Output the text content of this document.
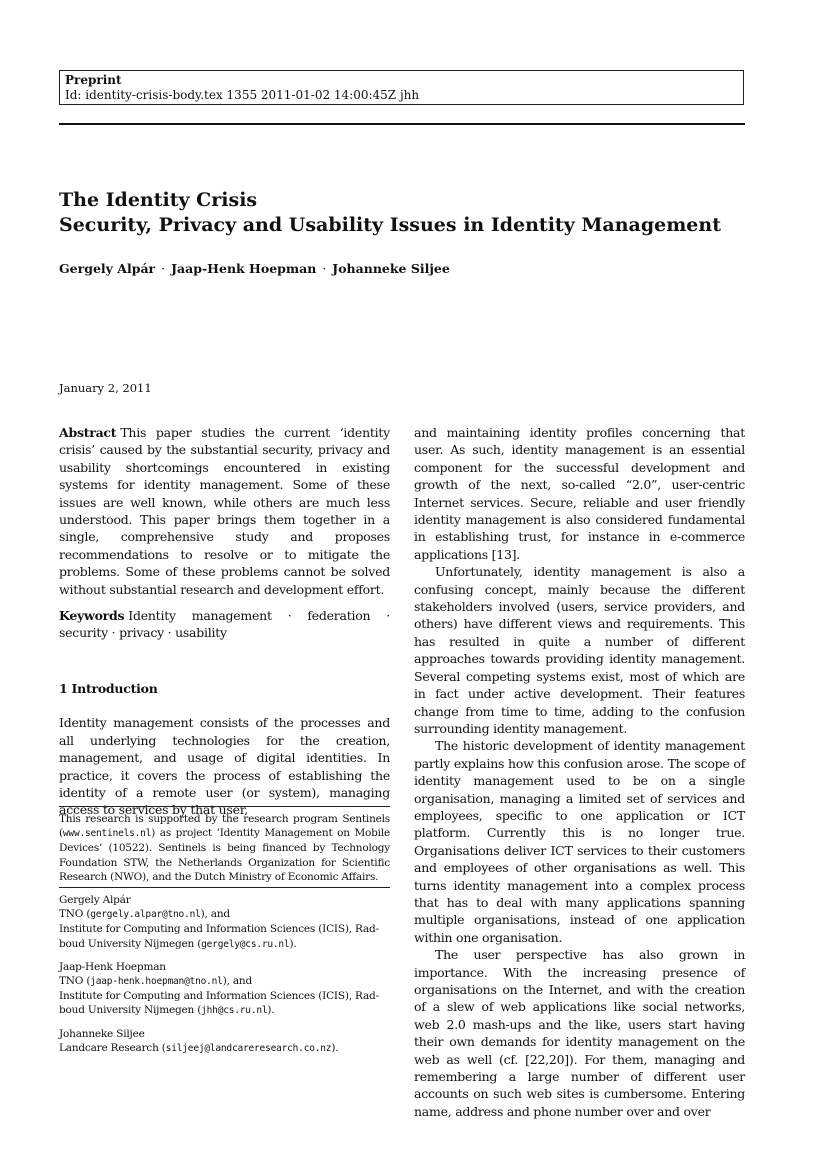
Preprint
Id: identity-crisis-body.tex 1355 2011-01-02 14:00:45Z jhh
The Identity Crisis
Security, Privacy and Usability Issues in Identity Management
Gergely Alpár · Jaap-Henk Hoepman · Johanneke Siljee
January 2, 2011

Abstract This paper studies the current ‘identity crisis’ caused by the substantial security, privacy and usability shortcomings encountered in existing systems for identity management. Some of these issues are well known, while others are much less understood. This paper brings them together in a single, comprehensive study and proposes recommendations to resolve or to mitigate the problems. Some of these problems cannot be solved without substantial research and development effort.

Keywords Identity management · federation · security · privacy · usability

1 Introduction

Identity management consists of the processes and all underlying technologies for the creation, management, and usage of digital identities. In practice, it covers the process of establishing the identity of a remote user (or system), managing access to services by that user,

This research is supported by the research program Sentinels (www.sentinels.nl) as project ’Identity Management on Mobile Devices’ (10522). Sentinels is being financed by Technology Foundation STW, the Netherlands Organization for Scientific Research (NWO), and the Dutch Ministry of Economic Affairs.
Gergely Alpár
TNO (gergely.alpar@tno.nl), and
Institute for Computing and Information Sciences (ICIS), Rad-
boud University Nijmegen (gergely@cs.ru.nl).
Jaap-Henk Hoepman
TNO (jaap-henk.hoepman@tno.nl), and
Institute for Computing and Information Sciences (ICIS), Rad-
boud University Nijmegen (jhh@cs.ru.nl).
Johanneke Siljee
Landcare Research (siljeej@landcareresearch.co.nz).

and maintaining identity profiles concerning that user. As such, identity management is an essential component for the successful development and growth of the next, so-called “2.0”, user-centric Internet services. Secure, reliable and user friendly identity management is also considered fundamental in establishing trust, for instance in e-commerce applications [13].

Unfortunately, identity management is also a confusing concept, mainly because the different stakeholders involved (users, service providers, and others) have different views and requirements. This has resulted in quite a number of different approaches towards providing identity management. Several competing systems exist, most of which are in fact under active development. Their features change from time to time, adding to the confusion surrounding identity management.

The historic development of identity management partly explains how this confusion arose. The scope of identity management used to be on a single organisation, managing a limited set of services and employees, specific to one application or ICT platform. Currently this is no longer true. Organisations deliver ICT services to their customers and employees of other organisations as well. This turns identity management into a complex process that has to deal with many applications spanning multiple organisations, instead of one application within one organisation.

The user perspective has also grown in importance. With the increasing presence of organisations on the Internet, and with the creation of a slew of web applications like social networks, web 2.0 mash-ups and the like, users start having their own demands for identity management on the web as well (cf. [22,20]). For them, managing and remembering a large number of different user accounts on such web sites is cumbersome. Entering name, address and phone number over and over
